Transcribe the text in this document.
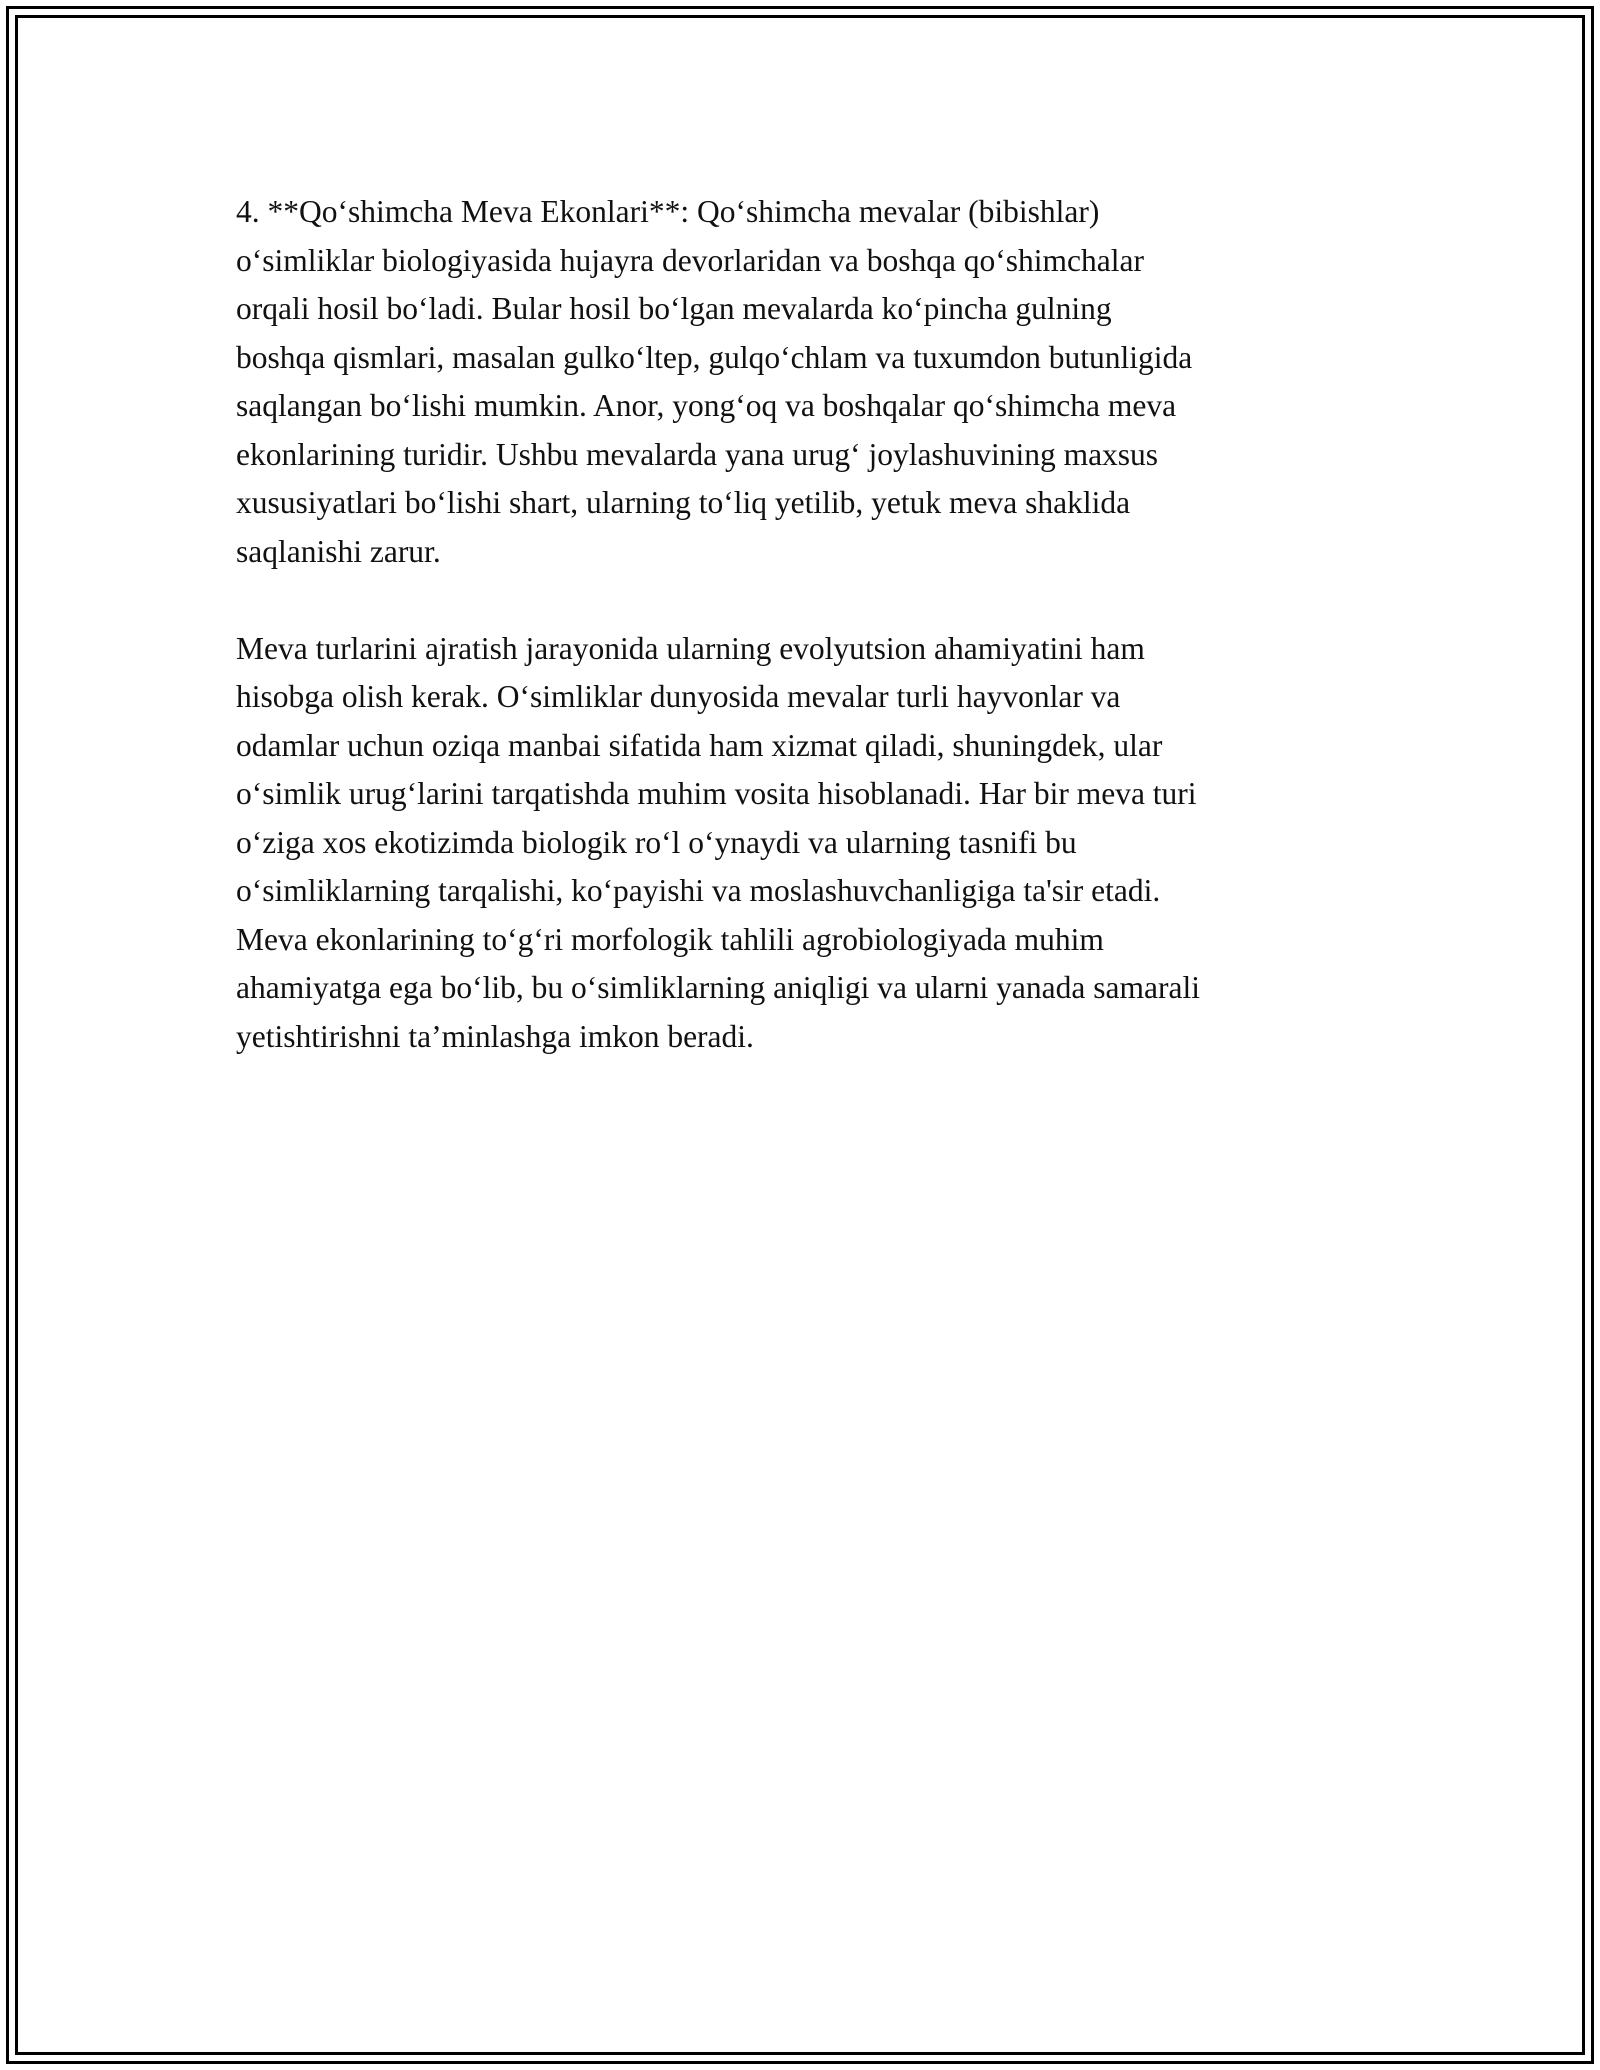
4. **Qo‘shimcha Meva Ekonlari**: Qo‘shimcha mevalar (bibishlar)
o‘simliklar biologiyasida hujayra devorlaridan va boshqa qo‘shimchalar
orqali hosil bo‘ladi. Bular hosil bo‘lgan mevalarda ko‘pincha gulning
boshqa qismlari, masalan gulko‘ltep, gulqo‘chlam va tuxumdon butunligida
saqlangan bo‘lishi mumkin. Anor, yong‘oq va boshqalar qo‘shimcha meva
ekonlarining turidir. Ushbu mevalarda yana urug‘ joylashuvining maxsus
xususiyatlari bo‘lishi shart, ularning to‘liq yetilib, yetuk meva shaklida
saqlanishi zarur.

Meva turlarini ajratish jarayonida ularning evolyutsion ahamiyatini ham
hisobga olish kerak. O‘simliklar dunyosida mevalar turli hayvonlar va
odamlar uchun oziqa manbai sifatida ham xizmat qiladi, shuningdek, ular
o‘simlik urug‘larini tarqatishda muhim vosita hisoblanadi. Har bir meva turi
o‘ziga xos ekotizimda biologik ro‘l o‘ynaydi va ularning tasnifi bu
o‘simliklarning tarqalishi, ko‘payishi va moslashuvchanligiga ta'sir etadi.
Meva ekonlarining to‘g‘ri morfologik tahlili agrobiologiyada muhim
ahamiyatga ega bo‘lib, bu o‘simliklarning aniqligi va ularni yanada samarali
yetishtirishni ta’minlashga imkon beradi.
